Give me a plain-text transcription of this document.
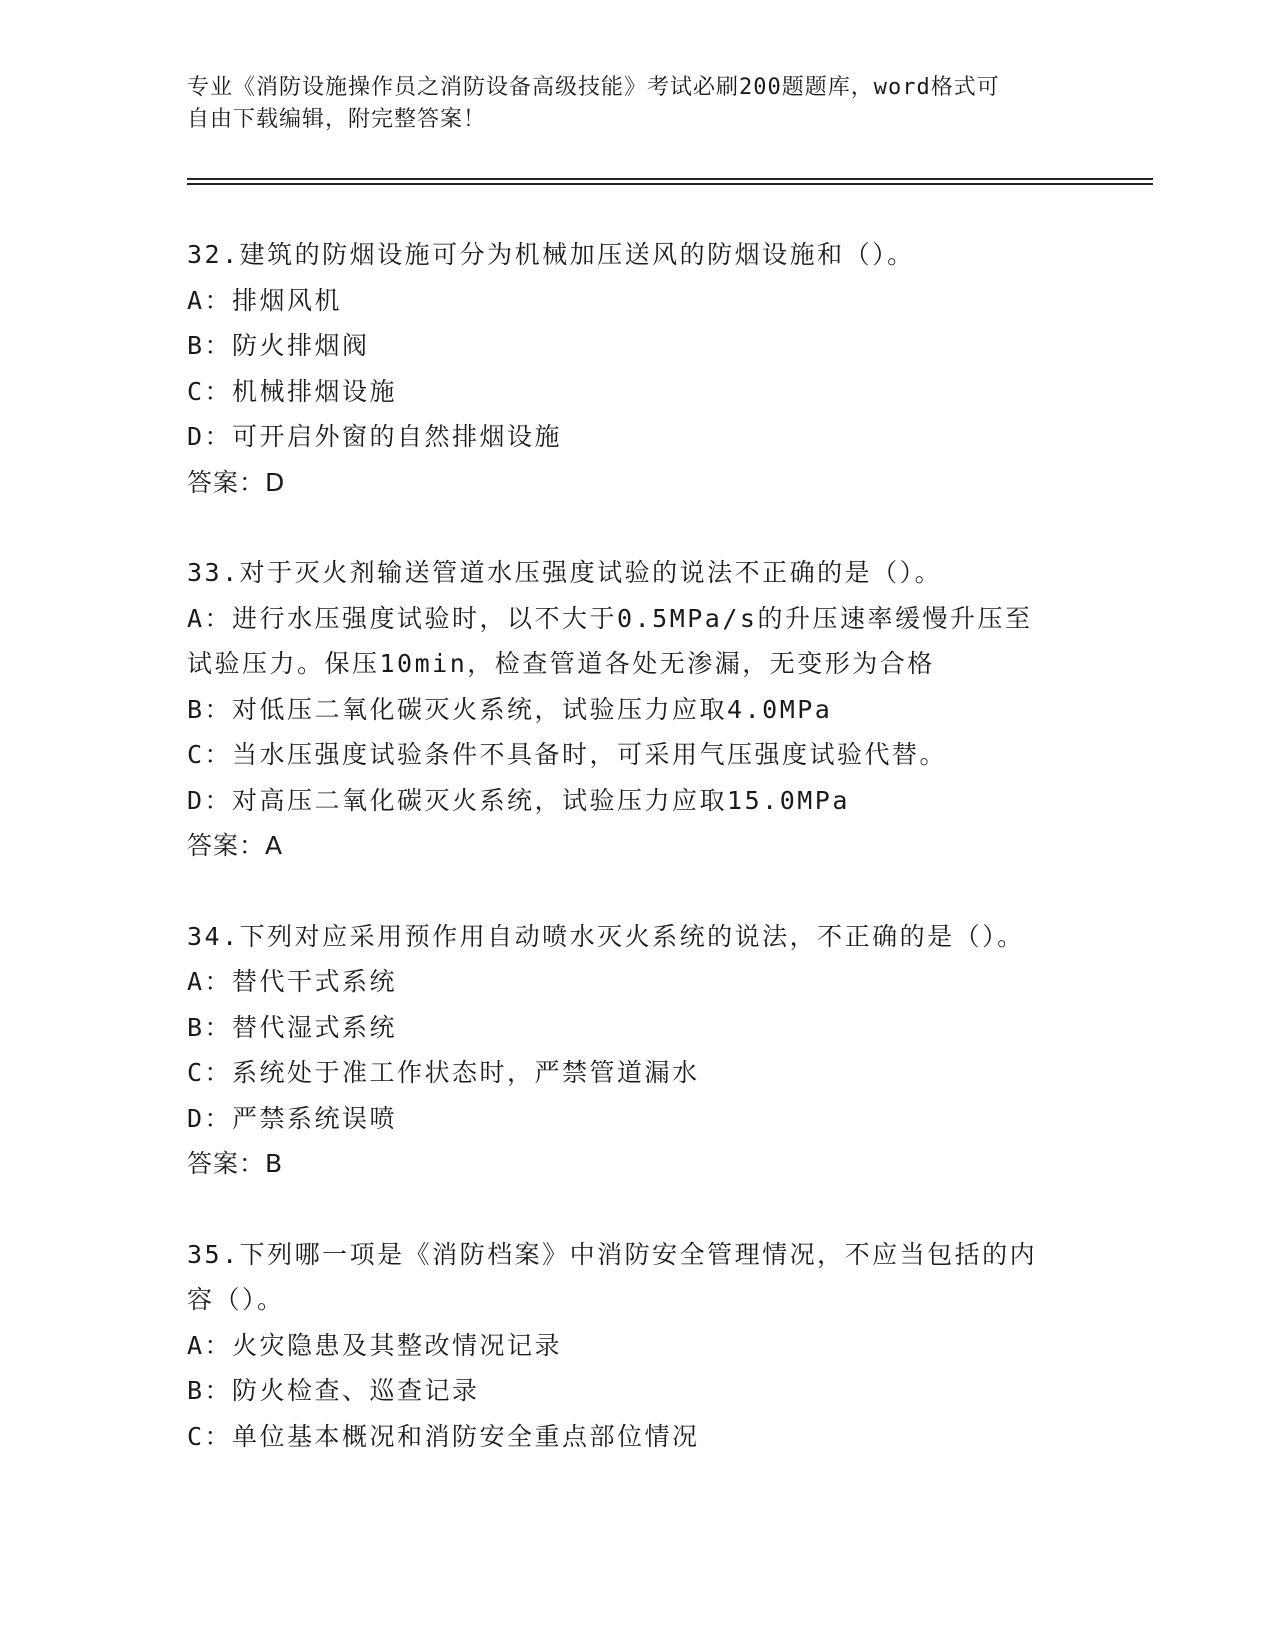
专业《消防设施操作员之消防设备高级技能》考试必刷200题题库，word格式可
自由下载编辑，附完整答案！
32.建筑的防烟设施可分为机械加压送风的防烟设施和（）。
A：排烟风机
B：防火排烟阀
C：机械排烟设施
D：可开启外窗的自然排烟设施
答案：D
33.对于灭火剂输送管道水压强度试验的说法不正确的是（）。
A：进行水压强度试验时，以不大于0.5MPa/s的升压速率缓慢升压至
试验压力。保压10min，检查管道各处无渗漏，无变形为合格
B：对低压二氧化碳灭火系统，试验压力应取4.0MPa
C：当水压强度试验条件不具备时，可采用气压强度试验代替。
D：对高压二氧化碳灭火系统，试验压力应取15.0MPa
答案：A
34.下列对应采用预作用自动喷水灭火系统的说法，不正确的是（）。
A：替代干式系统
B：替代湿式系统
C：系统处于准工作状态时，严禁管道漏水
D：严禁系统误喷
答案：B
35.下列哪一项是《消防档案》中消防安全管理情况，不应当包括的内
容（）。
A：火灾隐患及其整改情况记录
B：防火检查、巡查记录
C：单位基本概况和消防安全重点部位情况
